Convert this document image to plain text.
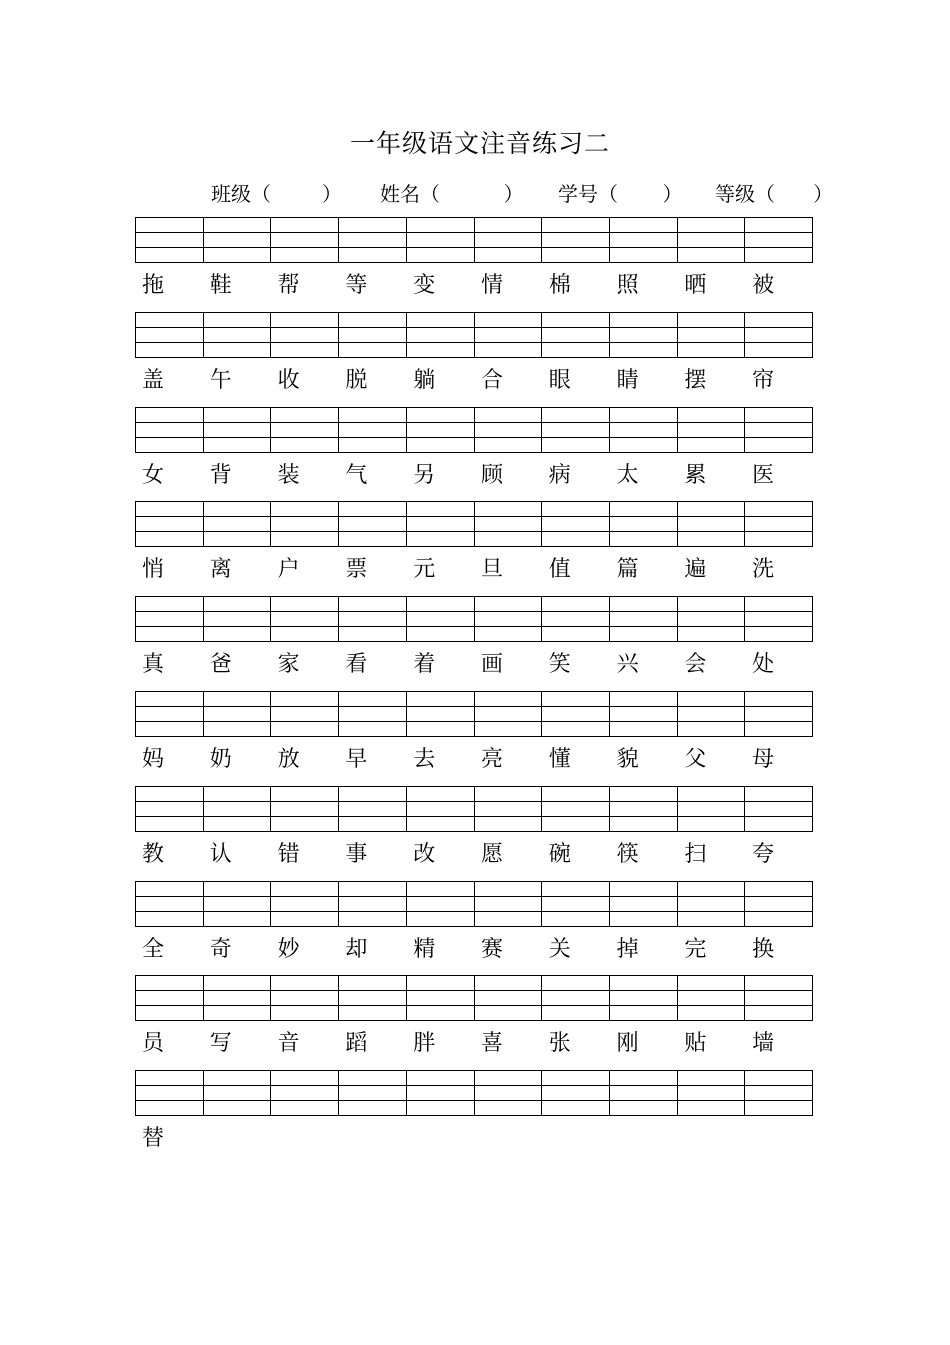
一年级语文注音练习二
班级（        ） 姓名（          ） 学号（       ） 等级（      ）
拖	鞋	帮	等	变	情	棉	照	晒	被
盖	午	收	脱	躺	合	眼	睛	摆	帘
女	背	装	气	另	顾	病	太	累	医
悄	离	户	票	元	旦	值	篇	遍	洗
真	爸	家	看	着	画	笑	兴	会	处
妈	奶	放	早	去	亮	懂	貌	父	母
教	认	错	事	改	愿	碗	筷	扫	夸
全	奇	妙	却	精	赛	关	掉	完	换
员	写	音	蹈	胖	喜	张	刚	贴	墙
替
